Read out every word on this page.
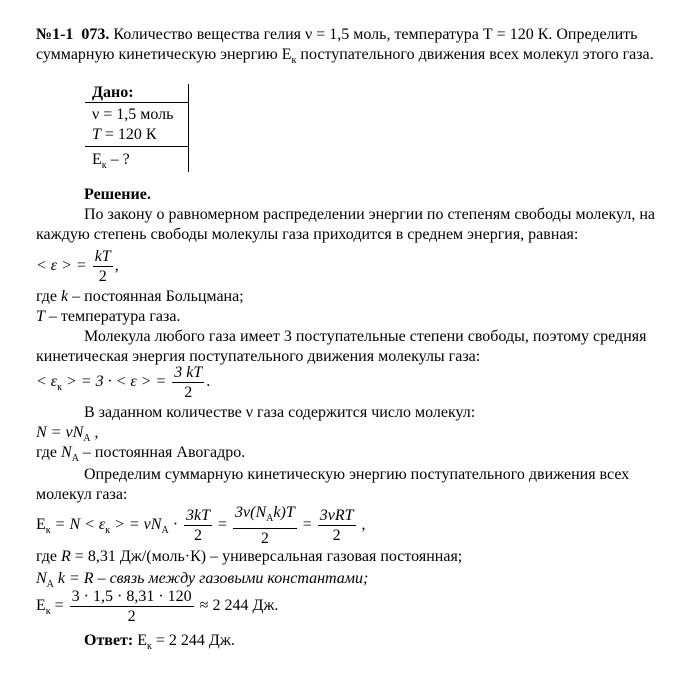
№1-1 073. Количество вещества гелия ν = 1,5 моль, температура Т = 120 К. Определить
суммарную кинетическую энергию $Е_к$ поступательного движения всех молекул этого газа.
Дано:
ν = 1,5 моль
T = 120 К
$Е_к$ – ?
Решение.
По закону о равномерном распределении энергии по степеням свободы молекул, на
каждую степень свободы молекулы газа приходится в среднем энергия, равная:
< ε > = $\frac{kT}{2}$ ,
где k – постоянная Больцмана;
T – температура газа.
Молекула любого газа имеет 3 поступательные степени свободы, поэтому средняя
кинетическая энергия поступательного движения молекулы газа:
< $\varepsilon_к$ > = 3 · < ε > = $\frac{3 kT}{2}$ .
В заданном количестве ν газа содержится число молекул:
$N = \nu N_A$ ,
где $N_A$ – постоянная Авогадро.
Определим суммарную кинетическую энергию поступательного движения всех
молекул газа:
$Е_к = N < \varepsilon_к$ > = $\nu N_A \cdot \frac{3kT}{2}$ =
$3\nu(N_Ak)T$
2
=
3νRT
2
,
где R = 8,31 Дж/(моль·К) – универсальная газовая постоянная;
$N_A$ k = R – связь между газовыми константами;
$Е_к = \frac{3 \cdot 1,5 \cdot 8,31 \cdot 120}{2} \approx 2$ 244 Дж.
Ответ: $Е_к = 2$ 244 Дж.
